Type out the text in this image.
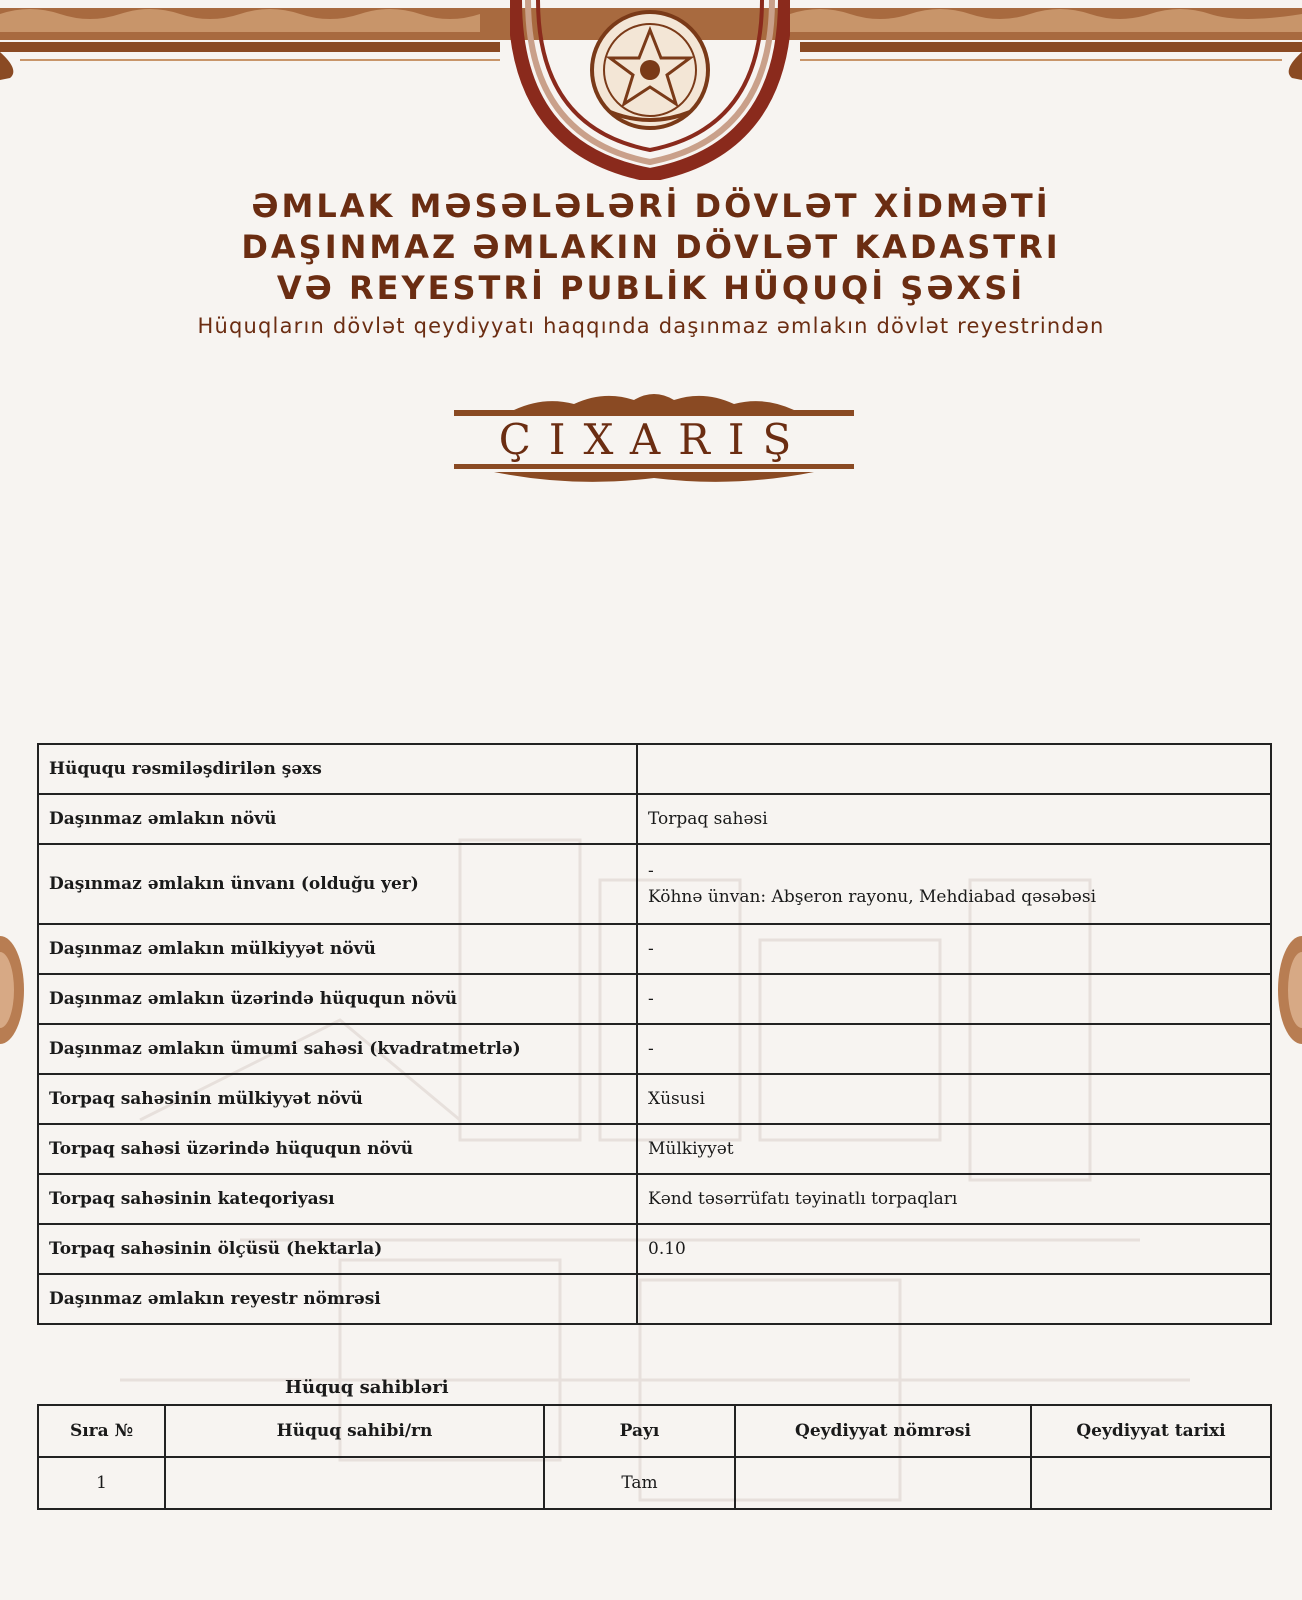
ƏMLAK MƏSƏLƏLƏRİ DÖVLƏT XİDMƏTİ
DAŞINMAZ ƏMLAKIN DÖVLƏT KADASTRI
VƏ REYESTRİ PUBLİK HÜQUQİ ŞƏXSİ
Hüquqların dövlət qeydiyyatı haqqında daşınmaz əmlakın dövlət reyestrindən
ÇIXARIŞ
Hüququ rəsmiləşdirilən şəxs	
Daşınmaz əmlakın növü	Torpaq sahəsi
Daşınmaz əmlakın ünvanı (olduğu yer)	-
Köhnə ünvan: Abşeron rayonu, Mehdiabad qəsəbəsi

Daşınmaz əmlakın mülkiyyət növü	-
Daşınmaz əmlakın üzərində hüququn növü	-
Daşınmaz əmlakın ümumi sahəsi (kvadratmetrlə)	-
Torpaq sahəsinin mülkiyyət növü	Xüsusi
Torpaq sahəsi üzərində hüququn növü	Mülkiyyət
Torpaq sahəsinin kateqoriyası	Kənd təsərrüfatı təyinatlı torpaqları
Torpaq sahəsinin ölçüsü (hektarla)	0.10
Daşınmaz əmlakın reyestr nömrəsi	
Hüquq sahibləri
Sıra №	Hüquq sahibi/rn	Payı	Qeydiyyat nömrəsi	Qeydiyyat tarixi
1		Tam		
